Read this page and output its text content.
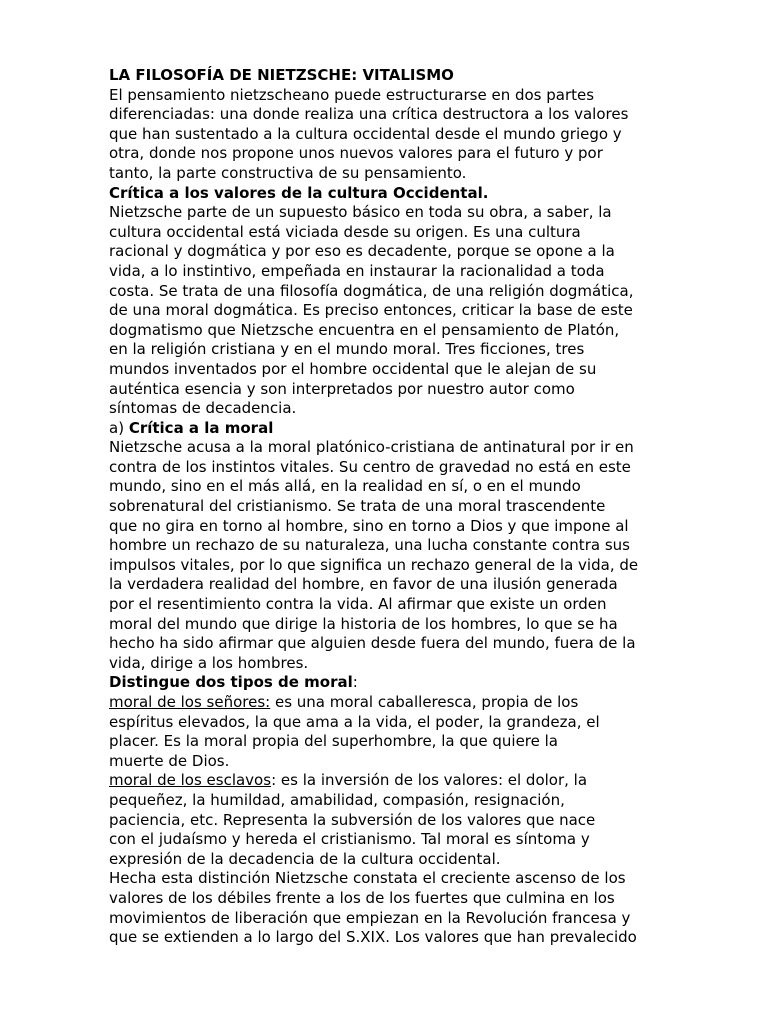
LA FILOSOFÍA DE NIETZSCHE: VITALISMO

El pensamiento nietzscheano puede estructurarse en dos partes
diferenciadas: una donde realiza una crítica destructora a los valores
que han sustentado a la cultura occidental desde el mundo griego y
otra, donde nos propone unos nuevos valores para el futuro y por
tanto, la parte constructiva de su pensamiento.

Crítica a los valores de la cultura Occidental.

Nietzsche parte de un supuesto básico en toda su obra, a saber, la
cultura occidental está viciada desde su origen. Es una cultura
racional y dogmática y por eso es decadente, porque se opone a la
vida, a lo instintivo, empeñada en instaurar la racionalidad a toda
costa. Se trata de una filosofía dogmática, de una religión dogmática,
de una moral dogmática. Es preciso entonces, criticar la base de este
dogmatismo que Nietzsche encuentra en el pensamiento de Platón,
en la religión cristiana y en el mundo moral. Tres ficciones, tres
mundos inventados por el hombre occidental que le alejan de su
auténtica esencia y son interpretados por nuestro autor como
síntomas de decadencia.

a) Crítica a la moral

Nietzsche acusa a la moral platónico-cristiana de antinatural por ir en
contra de los instintos vitales. Su centro de gravedad no está en este
mundo, sino en el más allá, en la realidad en sí, o en el mundo
sobrenatural del cristianismo. Se trata de una moral trascendente
que no gira en torno al hombre, sino en torno a Dios y que impone al
hombre un rechazo de su naturaleza, una lucha constante contra sus
impulsos vitales, por lo que significa un rechazo general de la vida, de
la verdadera realidad del hombre, en favor de una ilusión generada
por el resentimiento contra la vida. Al afirmar que existe un orden
moral del mundo que dirige la historia de los hombres, lo que se ha
hecho ha sido afirmar que alguien desde fuera del mundo, fuera de la
vida, dirige a los hombres.

Distingue dos tipos de moral:

moral de los señores: es una moral caballeresca, propia de los
espíritus elevados, la que ama a la vida, el poder, la grandeza, el
placer. Es la moral propia del superhombre, la que quiere la
muerte de Dios.

moral de los esclavos: es la inversión de los valores: el dolor, la
pequeñez, la humildad, amabilidad, compasión, resignación,
paciencia, etc. Representa la subversión de los valores que nace
con el judaísmo y hereda el cristianismo. Tal moral es síntoma y
expresión de la decadencia de la cultura occidental.

Hecha esta distinción Nietzsche constata el creciente ascenso de los
valores de los débiles frente a los de los fuertes que culmina en los
movimientos de liberación que empiezan en la Revolución francesa y
que se extienden a lo largo del S.XIX. Los valores que han prevalecido
